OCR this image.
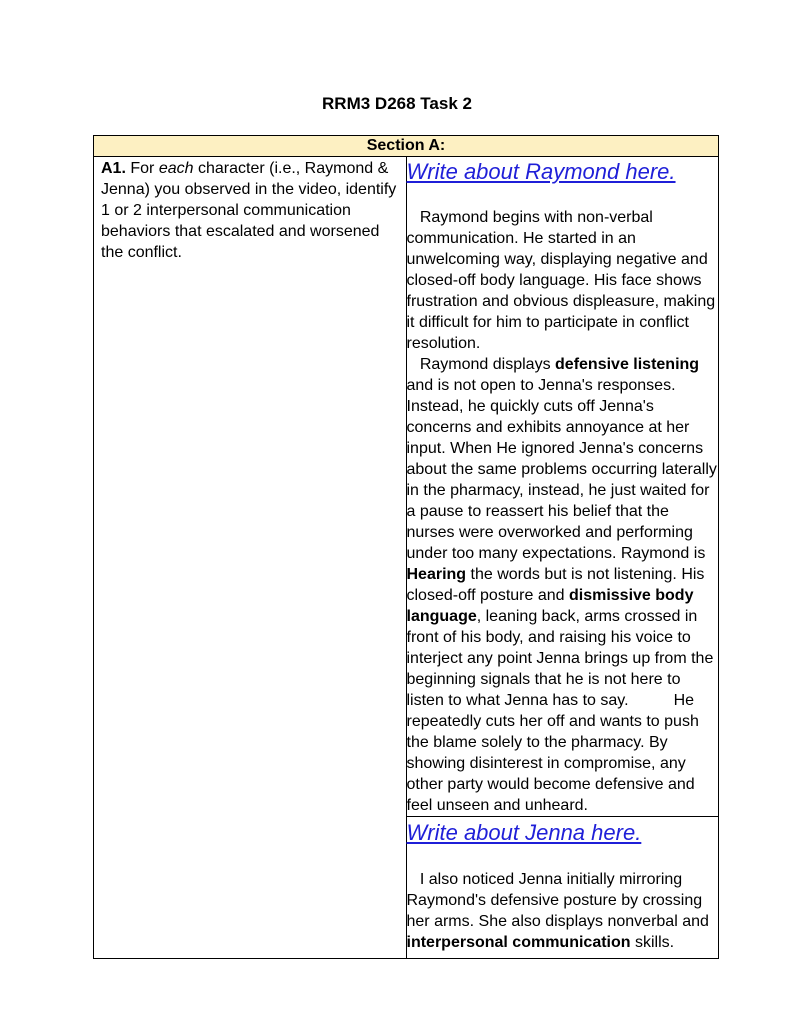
RRM3 D268 Task 2
Section A:

A1. For each character (i.e., Raymond & Jenna) you observed in the video, identify 1 or 2 interpersonal communication behaviors that escalated and worsened the conflict.

Write about Raymond here.

Raymond begins with non-verbal communication. He started in an unwelcoming way, displaying negative and closed-off body language. His face shows frustration and obvious displeasure, making it difficult for him to participate in conflict resolution.

Raymond displays defensive listening and is not open to Jenna's responses. Instead, he quickly cuts off Jenna's concerns and exhibits annoyance at her input. When He ignored Jenna's concerns about the same problems occurring laterally in the pharmacy, instead, he just waited for a pause to reassert his belief that the nurses were overworked and performing under too many expectations. Raymond is Hearing the words but is not listening. His closed-off posture and dismissive body language, leaning back, arms crossed in front of his body, and raising his voice to interject any point Jenna brings up from the beginning signals that he is not here to listen to what Jenna has to say.	He repeatedly cuts her off and wants to push the blame solely to the pharmacy. By showing disinterest in compromise, any other party would become defensive and feel unseen and unheard.

Write about Jenna here.

I also noticed Jenna initially mirroring Raymond's defensive posture by crossing her arms. She also displays nonverbal and interpersonal communication skills.
